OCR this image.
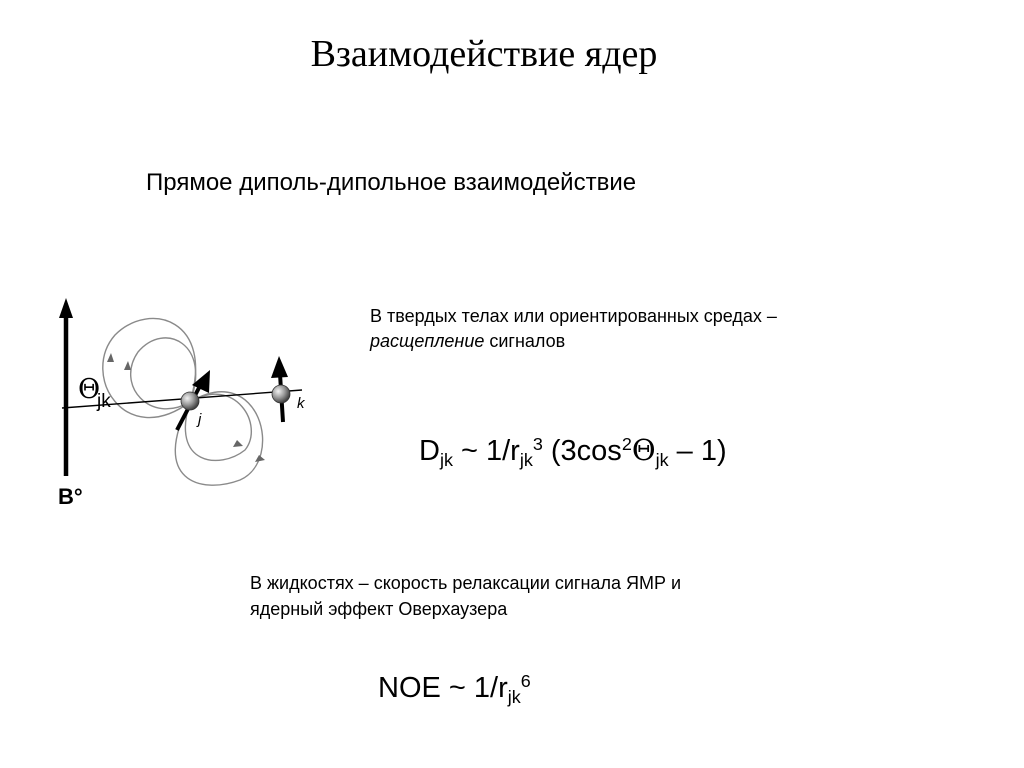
Взаимодействие ядер
Прямое диполь-дипольное взаимодействие
В твердых телах или ориентированных средах –
расщепление сигналов
$D_{jk}$ ~ $1/r_{jk}^3$ $(3\cos^2\Theta_{jk} - 1)$
В жидкостях – скорость релаксации сигнала ЯМР и
ядерный эффект Оверхаузера
NOE ~ $1/r_{jk}^6$
Θ
jk
B°
j
k
